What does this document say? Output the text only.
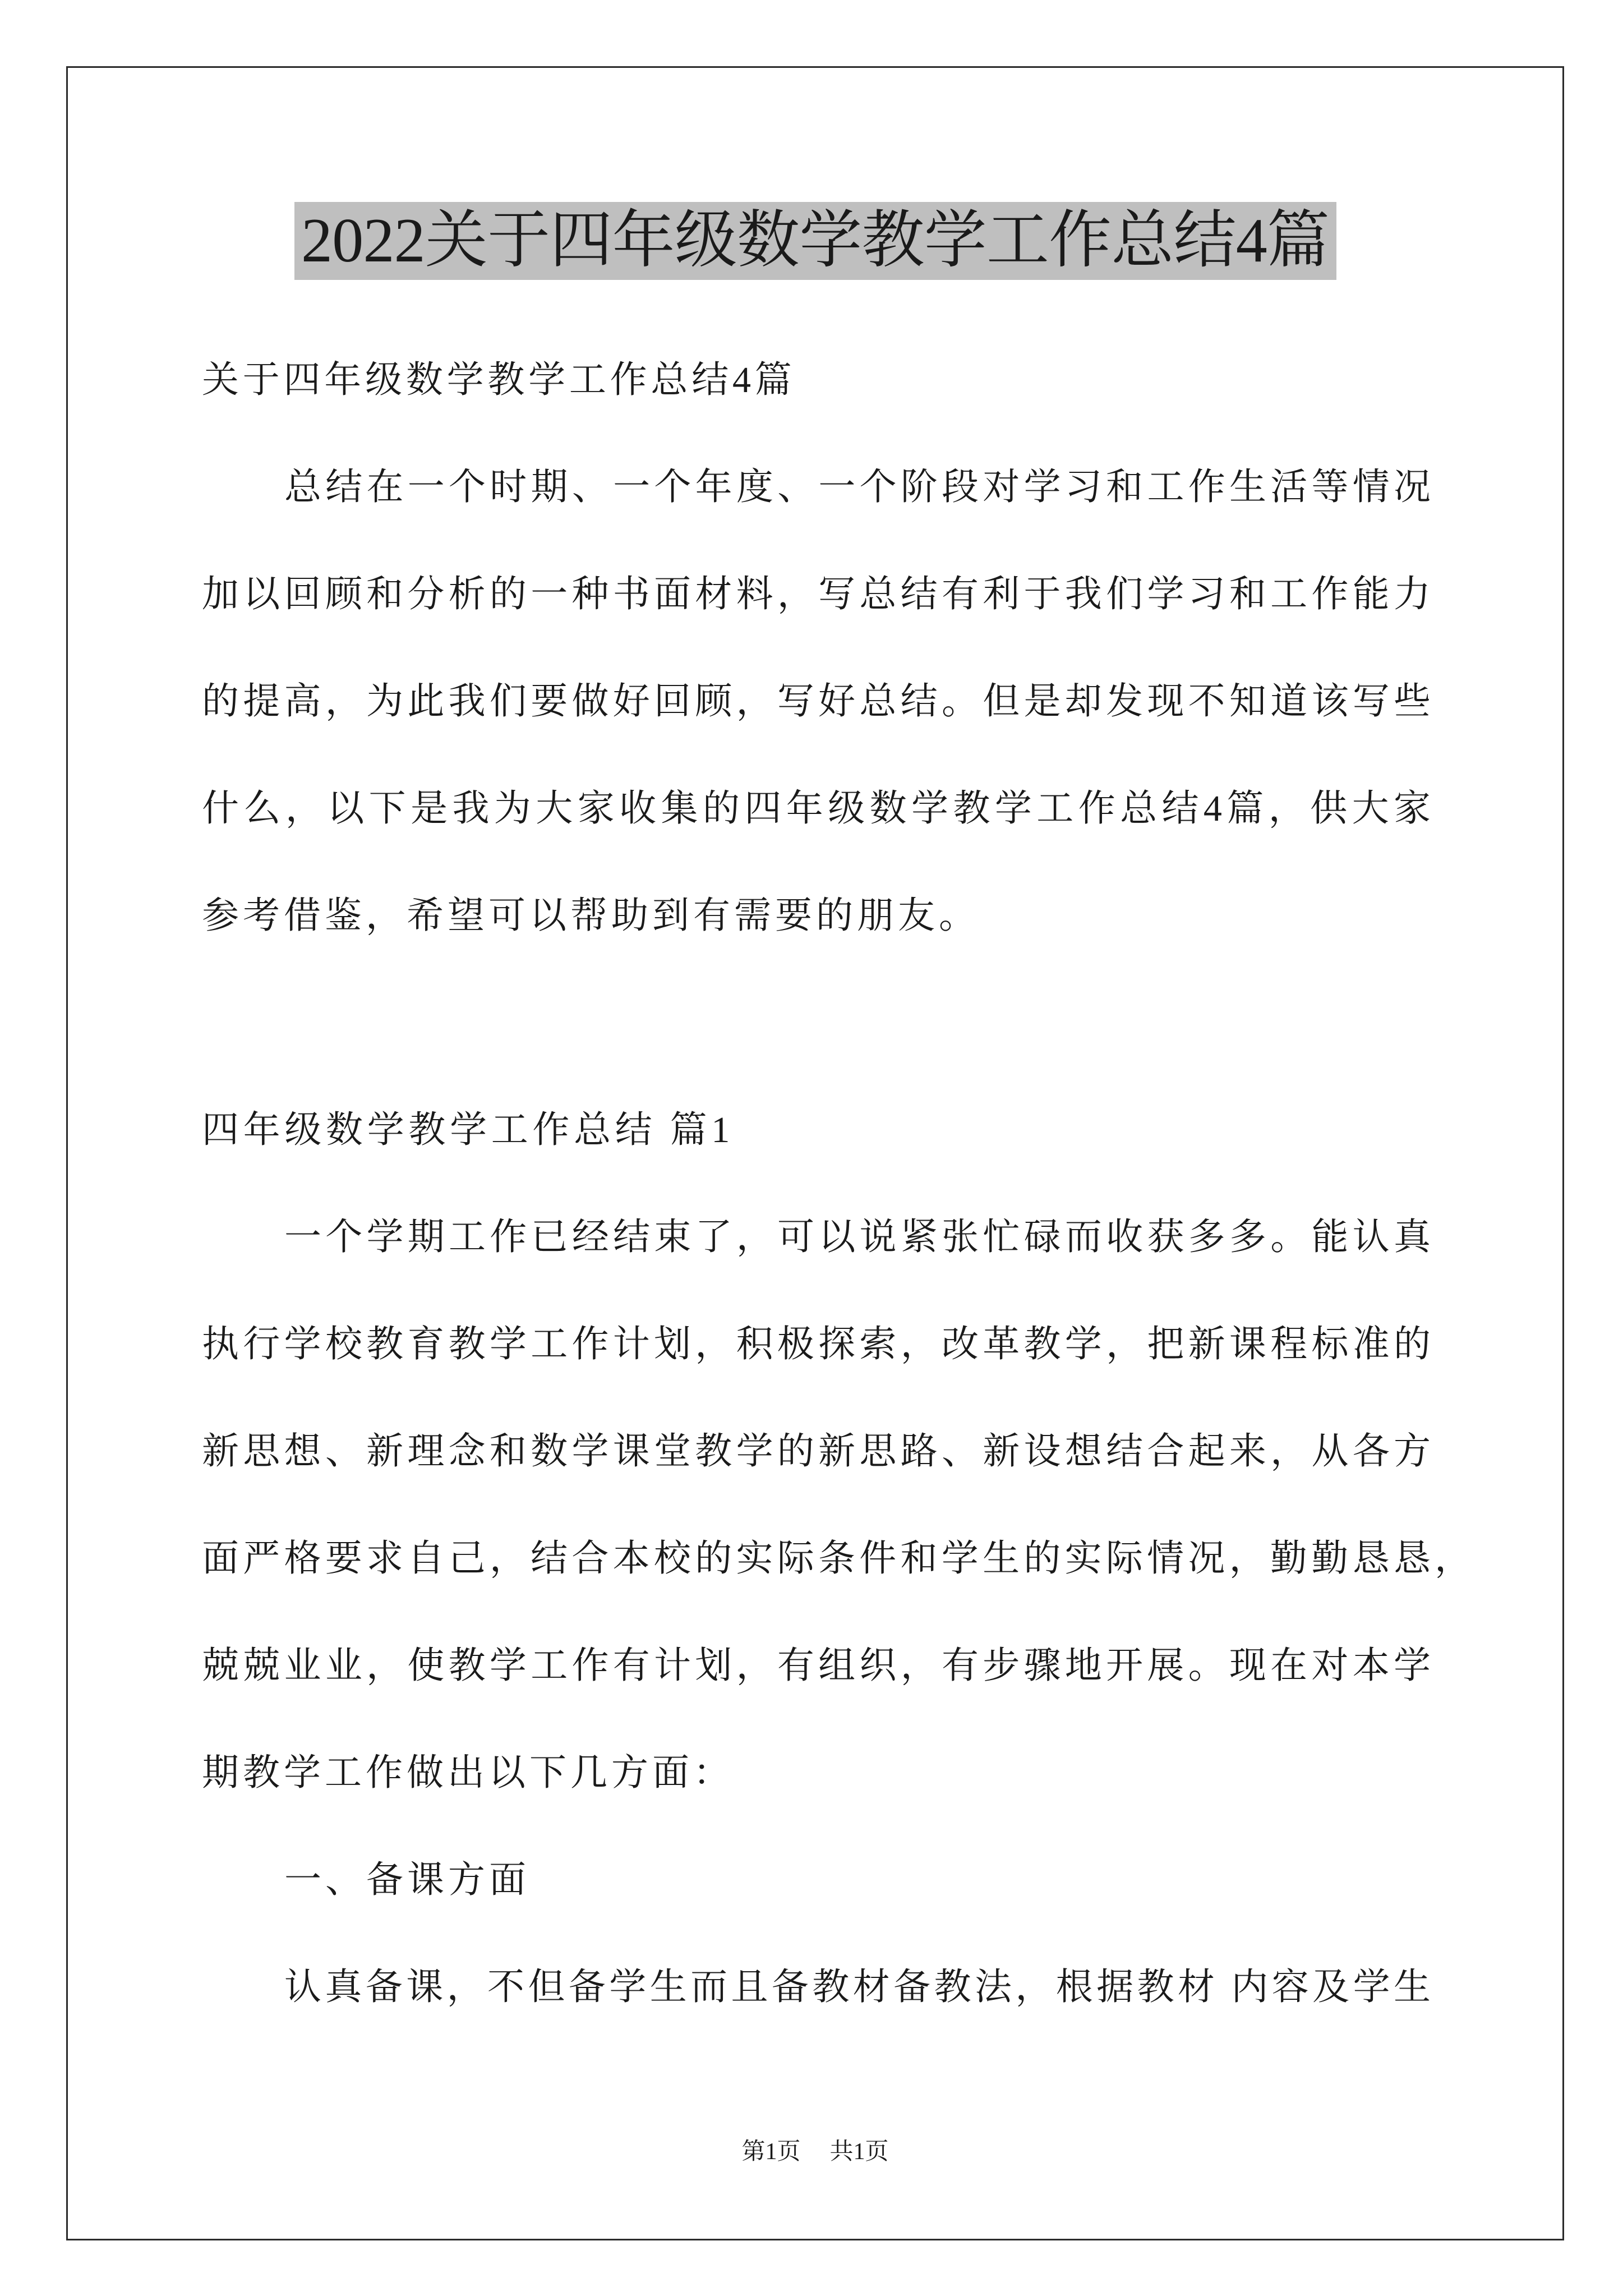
2022关于四年级数学教学工作总结4篇
关于四年级数学教学工作总结4篇
总结在一个时期、一个年度、一个阶段对学习和工作生活等情况
加以回顾和分析的一种书面材料，写总结有利于我们学习和工作能力
的提高，为此我们要做好回顾，写好总结。但是却发现不知道该写些
什么，以下是我为大家收集的四年级数学教学工作总结4篇，供大家
参考借鉴，希望可以帮助到有需要的朋友。
四年级数学教学工作总结 篇1
一个学期工作已经结束了，可以说紧张忙碌而收获多多。能认真
执行学校教育教学工作计划，积极探索，改革教学，把新课程标准的
新思想、新理念和数学课堂教学的新思路、新设想结合起来，从各方
面严格要求自己，结合本校的实际条件和学生的实际情况，勤勤恳恳，
兢兢业业，使教学工作有计划，有组织，有步骤地开展。现在对本学
期教学工作做出以下几方面：
一、备课方面
认真备课，不但备学生而且备教材备教法，根据教材 内容及学生
第1页 共1页
